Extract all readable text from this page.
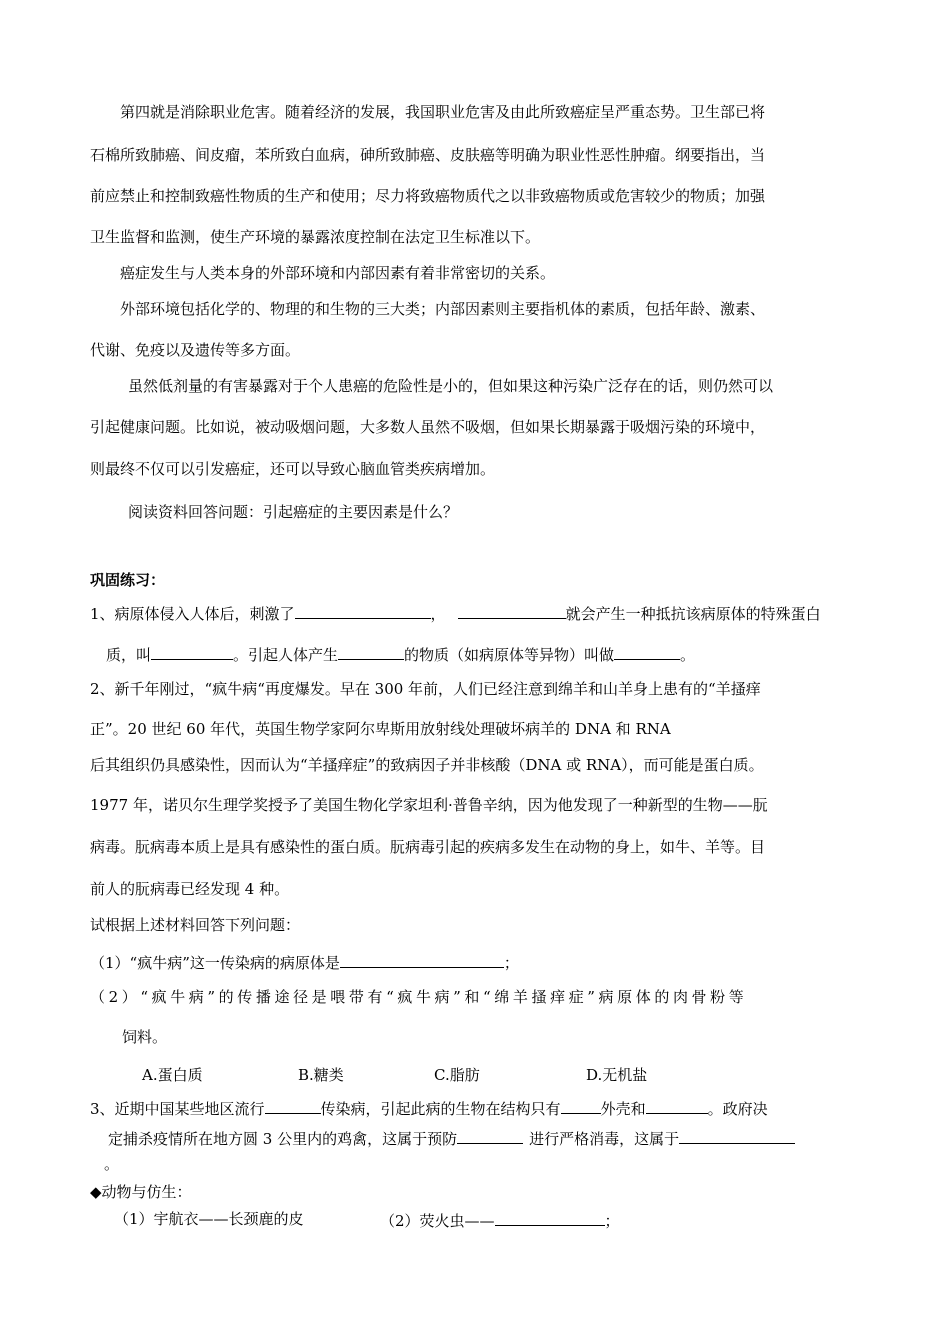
第四就是消除职业危害。随着经济的发展，我国职业危害及由此所致癌症呈严重态势。卫生部已将
石棉所致肺癌、间皮瘤，苯所致白血病，砷所致肺癌、皮肤癌等明确为职业性恶性肿瘤。纲要指出，当
前应禁止和控制致癌性物质的生产和使用；尽力将致癌物质代之以非致癌物质或危害较少的物质；加强
卫生监督和监测，使生产环境的暴露浓度控制在法定卫生标准以下。
癌症发生与人类本身的外部环境和内部因素有着非常密切的关系。
外部环境包括化学的、物理的和生物的三大类；内部因素则主要指机体的素质，包括年龄、激素、
代谢、免疫以及遗传等多方面。
虽然低剂量的有害暴露对于个人患癌的危险性是小的，但如果这种污染广泛存在的话，则仍然可以
引起健康问题。比如说，被动吸烟问题，大多数人虽然不吸烟，但如果长期暴露于吸烟污染的环境中，
则最终不仅可以引发癌症，还可以导致心脑血管类疾病增加。
阅读资料回答问题：引起癌症的主要因素是什么？
巩固练习：
1、病原体侵入人体后，刺激了	，	就会产生一种抵抗该病原体的特殊蛋白
质，叫	。引起人体产生	的物质（如病原体等异物）叫做	。
2、新千年刚过，“疯牛病“再度爆发。早在 300 年前，人们已经注意到绵羊和山羊身上患有的“羊搔痒
正”。20 世纪 60 年代，英国生物学家阿尔卑斯用放射线处理破坏病羊的 DNA 和 RNA
后其组织仍具感染性，因而认为“羊搔痒症”的致病因子并非核酸（DNA 或 RNA），而可能是蛋白质。
1977 年，诺贝尔生理学奖授予了美国生物化学家坦利·普鲁辛纳，因为他发现了一种新型的生物——朊
病毒。朊病毒本质上是具有感染性的蛋白质。朊病毒引起的疾病多发生在动物的身上，如牛、羊等。目
前人的朊病毒已经发现 4 种。
试根据上述材料回答下列问题：
（1）“疯牛病”这一传染病的病原体是	；
（2）“疯牛病”的传播途径是喂带有“疯牛病”和“绵羊搔痒症”病原体的肉骨粉等
饲料。
A.蛋白质	B.糖类	C.脂肪	D.无机盐
3、近期中国某些地区流行	传染病，引起此病的生物在结构只有	外壳和	。政府决
定捕杀疫情所在地方圆 3 公里内的鸡禽，这属于预防	进行严格消毒，这属于
。
◆动物与仿生：
（1）宇航衣——长颈鹿的皮	（2）荧火虫——	；
